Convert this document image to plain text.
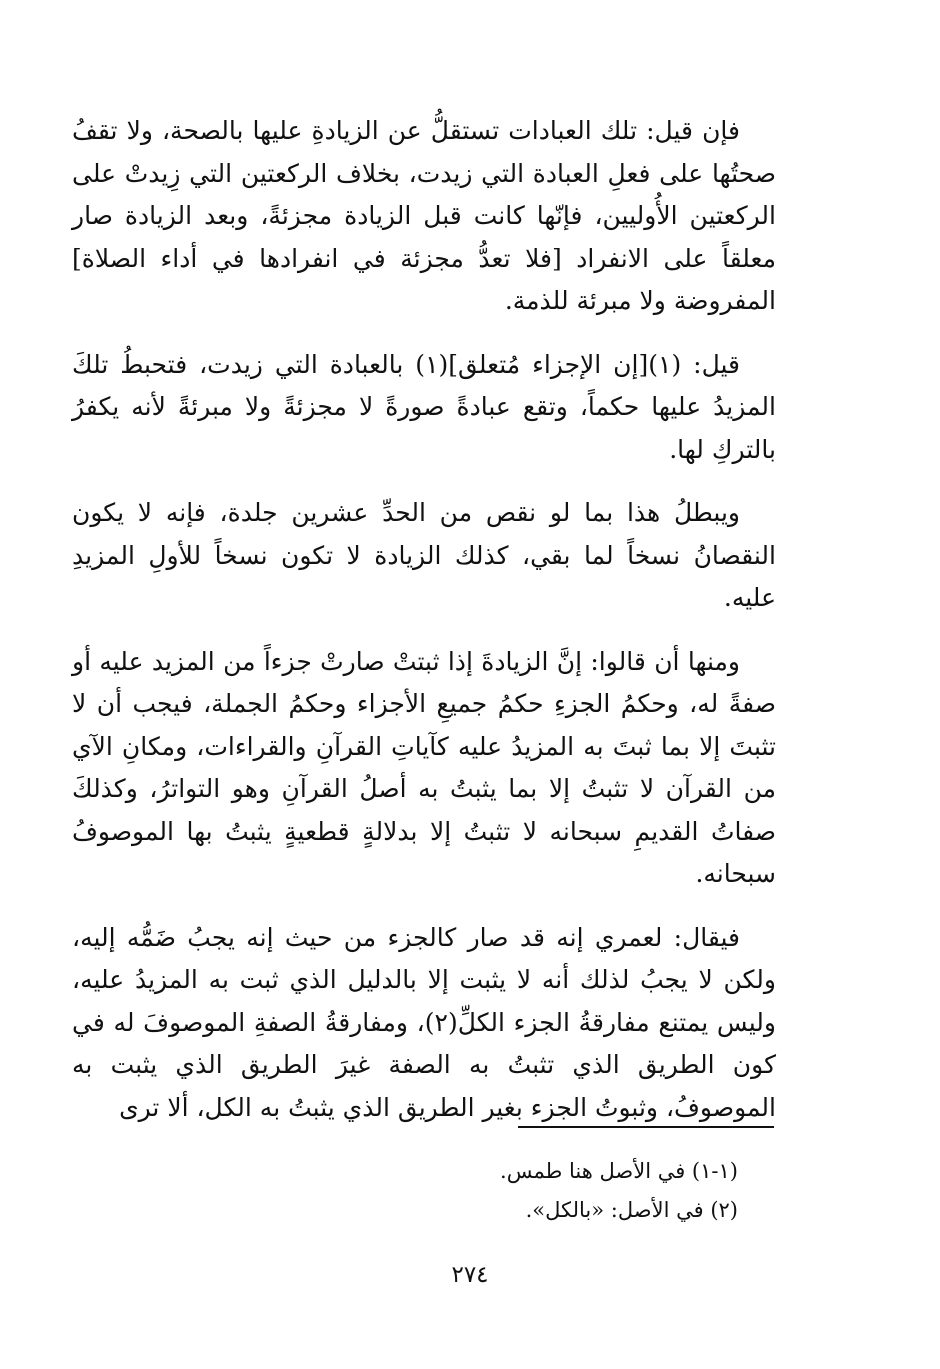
فإن قيل: تلك العبادات تستقلُّ عن الزيادةِ عليها بالصحة، ولا تقفُ صحتُها على فعلِ العبادة التي زيدت، بخلاف الركعتين التي زِيدتْ على الركعتين الأُوليين، فإنّها كانت قبل الزيادة مجزئةً، وبعد الزيادة صار معلقاً على الانفراد [فلا تعدُّ مجزئة في انفرادها في أداء الصلاة] المفروضة ولا مبرئة للذمة.

قيل: (١)[إن الإجزاء مُتعلق](١) بالعبادة التي زيدت، فتحبطُ تلكَ المزيدُ عليها حكماً، وتقع عبادةً صورةً لا مجزئةً ولا مبرئةً لأنه يكفرُ بالتركِ لها.

ويبطلُ هذا بما لو نقص من الحدِّ عشرين جلدة، فإنه لا يكون النقصانُ نسخاً لما بقي، كذلك الزيادة لا تكون نسخاً للأولِ المزيدِ عليه.

ومنها أن قالوا: إنَّ الزيادةَ إذا ثبتتْ صارتْ جزءاً من المزيد عليه أو صفةً له، وحكمُ الجزءِ حكمُ جميعِ الأجزاء وحكمُ الجملة، فيجب أن لا تثبتَ إلا بما ثبتَ به المزيدُ عليه كآياتِ القرآنِ والقراءات، ومكانِ الآي من القرآن لا تثبتُ إلا بما يثبتُ به أصلُ القرآنِ وهو التواترُ، وكذلكَ صفاتُ القديمِ سبحانه لا تثبتُ إلا بدلالةٍ قطعيةٍ يثبتُ بها الموصوفُ سبحانه.

فيقال: لعمري إنه قد صار كالجزء من حيث إنه يجبُ ضَمُّه إليه، ولكن لا يجبُ لذلك أنه لا يثبت إلا بالدليل الذي ثبت به المزيدُ عليه، وليس يمتنع مفارقةُ الجزء الكلِّ(٢)، ومفارقةُ الصفةِ الموصوفَ له في كون الطريق الذي تثبتُ به الصفة غيرَ الطريق الذي يثبت به الموصوفُ، وثبوتُ الجزء بغير الطريق الذي يثبتُ به الكل، ألا ترى

(١-١) في الأصل هنا طمس.

(٢) في الأصل: «بالكل».

٢٧٤
